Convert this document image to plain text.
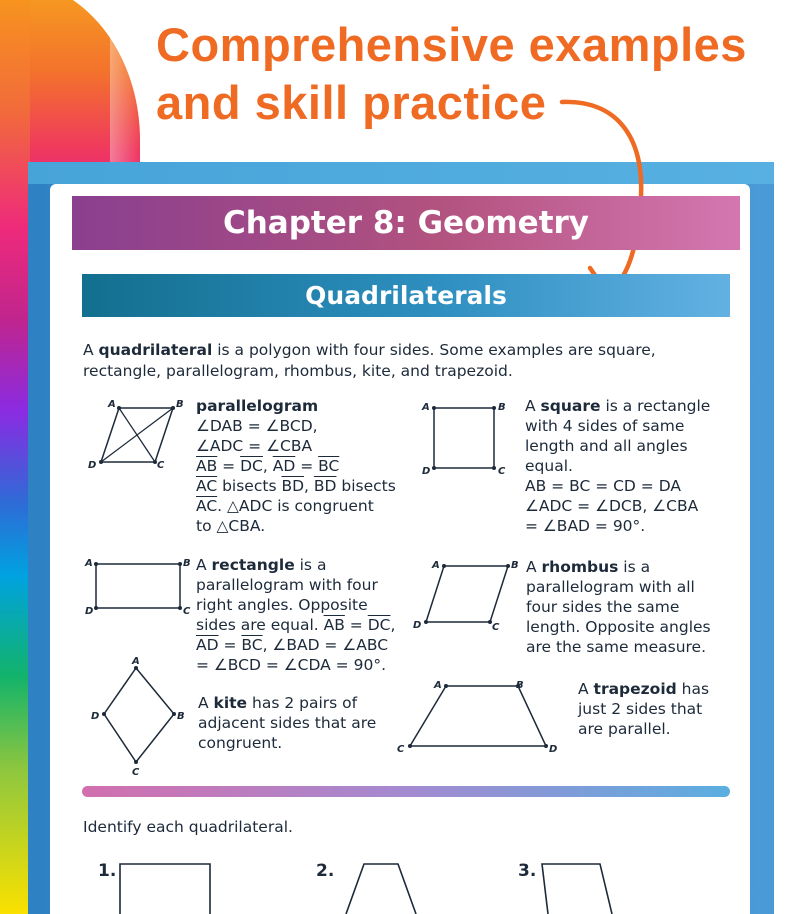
Comprehensive examples
and skill practice
Chapter 8: Geometry
Quadrilaterals

A quadrilateral is a polygon with four sides. Some examples are square, rectangle, parallelogram, rhombus, kite, and trapezoid.

A	B
C
D
parallelogram
∠DAB = ∠BCD,
∠ADC = ∠CBA
$\overline{AB} = \overline{DC}$, $\overline{AD} = \overline{BC}$
$\overline{AC}$ bisects $\overline{BD}$, $\overline{BD}$ bisects
$\overline{AC}$. △ADC is congruent
to △CBA.
A	B
C
D
A square is a rectangle
with 4 sides of same
length and all angles
equal.
AB = BC = CD = DA
∠ADC = ∠DCB, ∠CBA
= ∠BAD = 90°.
A	B
C
D
A rectangle is a
parallelogram with four
right angles. Opposite
sides are equal. $\overline{AB} = \overline{DC}$,
$\overline{AD} = \overline{BC}$, ∠BAD = ∠ABC
= ∠BCD = ∠CDA = 90°.
A	B
C
D
A rhombus is a
parallelogram with all
four sides the same
length. Opposite angles
are the same measure.
A
B
C
D
A kite has 2 pairs of
adjacent sides that are
congruent.
A	B
D
C
A trapezoid has
just 2 sides that
are parallel.
Identify each quadrilateral.
1.	2.	3.
